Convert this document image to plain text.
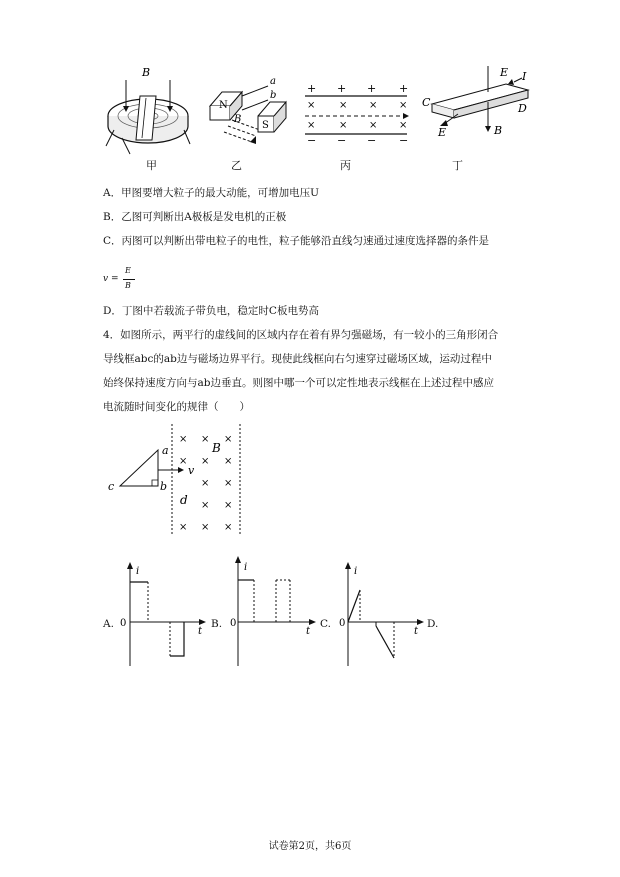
B
N
S
a
b
B
+ + + +
− − − −
× × × ×
× × × ×
E I
C	D
E	B
甲	乙	丙	丁
A．甲图要增大粒子的最大动能，可增加电压U
B．乙图可判断出A极板是发电机的正极
C．丙图可以判断出带电粒子的电性，粒子能够沿直线匀速通过速度选择器的条件是
v =
E
B
D．丁图中若载流子带负电，稳定时C板电势高
4．如图所示，两平行的虚线间的区域内存在着有界匀强磁场，有一较小的三角形闭合
导线框abc的ab边与磁场边界平行。现使此线框向右匀速穿过磁场区域，运动过程中
始终保持速度方向与ab边垂直。则图中哪一个可以定性地表示线框在上述过程中感应
电流随时间变化的规律（　　）
a
b
c
v
B
d
× × ×
× × ×
× ×
× ×
× × ×
i
t
0
A.
i
t
0
B.
i
t
0
C.	D.
试卷第2页，共6页
